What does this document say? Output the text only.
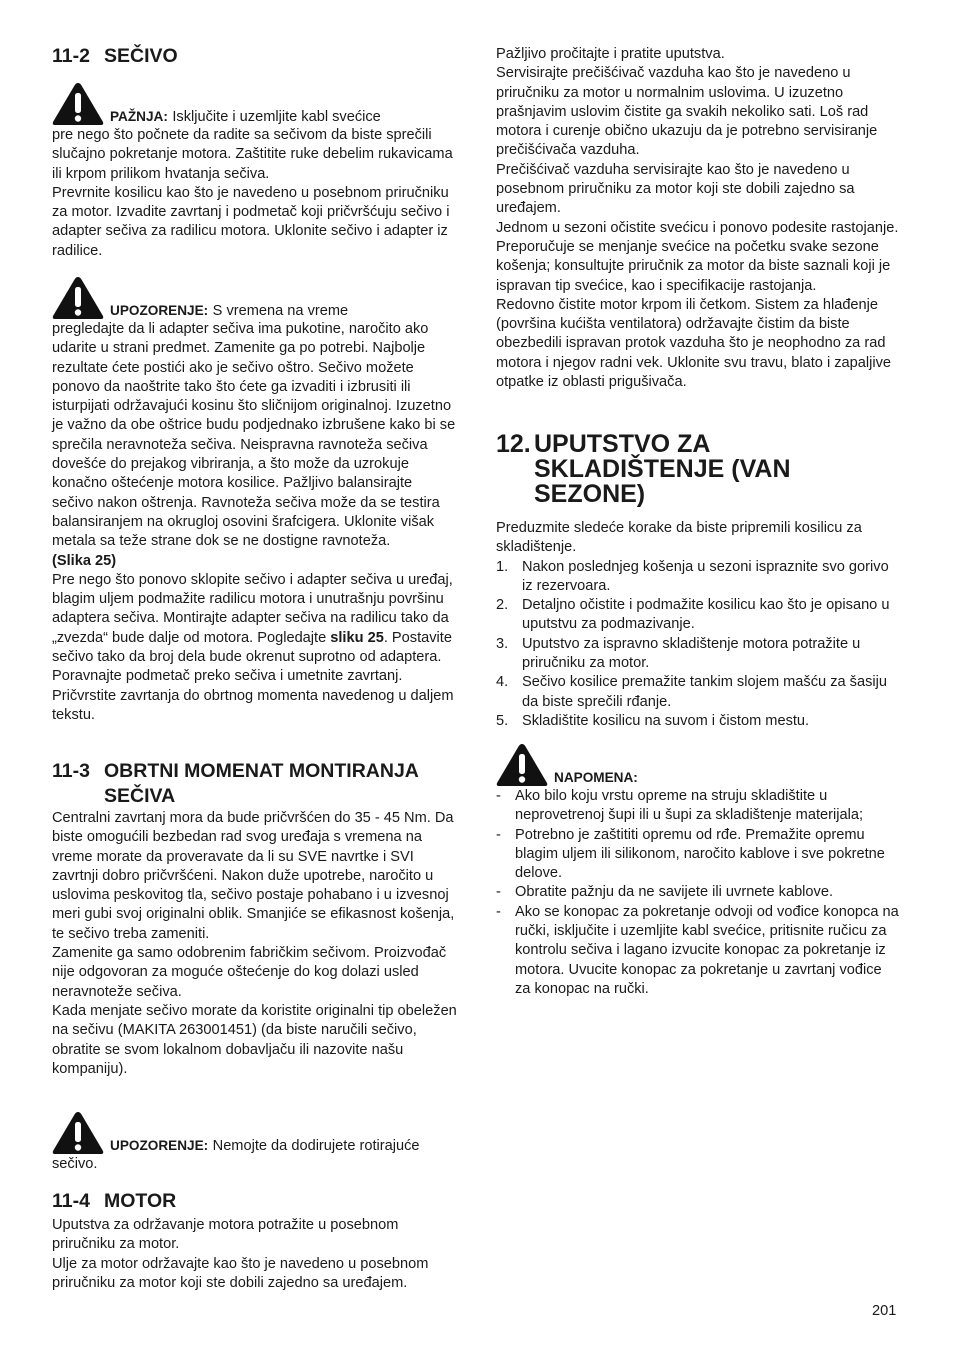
11-2 SEČIVO
PAŽNJA: Isključite i uzemljite kabl svećice

pre nego što počnete da radite sa sečivom da biste sprečili slučajno pokretanje motora. Zaštitite ruke debelim rukavicama ili krpom prilikom hvatanja sečiva.

Prevrnite kosilicu kao što je navedeno u posebnom priručniku za motor. Izvadite zavrtanj i podmetač koji pričvršćuju sečivo i adapter sečiva za radilicu motora. Uklonite sečivo i adapter iz radilice.

UPOZORENJE: S vremena na vreme

pregledajte da li adapter sečiva ima pukotine, naročito ako udarite u strani predmet. Zamenite ga po potrebi. Najbolje rezultate ćete postići ako je sečivo oštro. Sečivo možete ponovo da naoštrite tako što ćete ga izvaditi i izbrusiti ili isturpijati održavajući kosinu što sličnijom originalnoj. Izuzetno je važno da obe oštrice budu podjednako izbrušene kako bi se sprečila neravnoteža sečiva. Neispravna ravnoteža sečiva dovešće do prejakog vibriranja, a što može da uzrokuje konačno oštećenje motora kosilice. Pažljivo balansirajte sečivo nakon oštrenja. Ravnoteža sečiva može da se testira balansiranjem na okruglој osovini šrafcigera. Uklonite višak metala sa teže strane dok se ne dostigne ravnoteža.

(Slika 25)

Pre nego što ponovo sklopite sečivo i adapter sečiva u uređaj, blagim uljem podmažite radilicu motora i unutrašnju površinu adaptera sečiva. Montirajte adapter sečiva na radilicu tako da „zvezda“ bude dalje od motora. Pogledajte sliku 25. Postavite sečivo tako da broj dela bude okrenut suprotno od adaptera. Poravnajte podmetač preko sečiva i umetnite zavrtanj. Pričvrstite zavrtanja do obrtnog momenta navedenog u daljem tekstu.

11-3 OBRTNI MOMENAT MONTIRANJA
SEČIVA

Centralni zavrtanj mora da bude pričvršćen do 35 - 45 Nm. Da biste omogućili bezbedan rad svog uređaja s vremena na vreme morate da proveravate da li su SVE navrtke i SVI zavrtnji dobro pričvršćeni. Nakon duže upotrebe, naročito u uslovima peskovitog tla, sečivo postaje pohabano i u izvesnoj meri gubi svoj originalni oblik. Smanjiće se efikasnost košenja, te sečivo treba zameniti.

Zamenite ga samo odobrenim fabričkim sečivom. Proizvođač nije odgovoran za moguće oštećenje do kog dolazi usled neravnoteže sečiva.

Kada menjate sečivo morate da koristite originalni tip obeležen na sečivu (MAKITA 263001451) (da biste naručili sečivo, obratite se svom lokalnom dobavljaču ili nazovite našu kompaniju).

UPOZORENJE: Nemojte da dodirujete rotirajuće

sečivo.

11-4 MOTOR

Uputstva za održavanje motora potražite u posebnom priručniku za motor.

Ulje za motor održavajte kao što je navedeno u posebnom priručniku za motor koji ste dobili zajedno sa uređajem.

Pažljivo pročitajte i pratite uputstva.

Servisirajte prečišćivač vazduha kao što je navedeno u priručniku za motor u normalnim uslovima. U izuzetno prašnjavim uslovim čistite ga svakih nekoliko sati. Loš rad motora i curenje obično ukazuju da je potrebno servisiranje prečišćivača vazduha.

Prečišćivač vazduha servisirajte kao što je navedeno u posebnom priručniku za motor koji ste dobili zajedno sa uređajem.

Jednom u sezoni očistite svećicu i ponovo podesite rastojanje. Preporučuje se menjanje svećice na početku svake sezone košenja; konsultujte priručnik za motor da biste saznali koji je ispravan tip svećice, kao i specifikacije rastojanja.

Redovno čistite motor krpom ili četkom. Sistem za hlađenje (površina kućišta ventilatora) održavajte čistim da biste obezbedili ispravan protok vazduha što je neophodno za rad motora i njegov radni vek. Uklonite svu travu, blato i zapaljive otpatke iz oblasti prigušivača.

12. UPUTSTVO ZA
SKLADIŠTENJE (VAN
SEZONE)

Preduzmite sledeće korake da biste pripremili kosilicu za skladištenje.

1. Nakon poslednjeg košenja u sezoni ispraznite svo gorivo iz rezervoara.
2. Detaljno očistite i podmažite kosilicu kao što je opisano u uputstvu za podmazivanje.
3. Uputstvo za ispravno skladištenje motora potražite u priručniku za motor.
4. Sečivo kosilice premažite tankim slojem mašću za šasiju da biste sprečili rđanje.
5. Skladištite kosilicu na suvom i čistom mestu.
NAPOMENA:
- Ako bilo koju vrstu opreme na struju skladištite u neprovetrenoj šupi ili u šupi za skladištenje materijala;
- Potrebno je zaštititi opremu od rđe. Premažite opremu blagim uljem ili silikonom, naročito kablove i sve pokretne delove.
- Obratite pažnju da ne savijete ili uvrnete kablove.
- Ako se konopac za pokretanje odvoji od vođice konopca na ručki, isključite i uzemljite kabl svećice, pritisnite ručicu za kontrolu sečiva i lagano izvucite konopac za pokretanje iz motora. Uvucite konopac za pokretanje u zavrtanj vođice za konopac na ručki.
201
